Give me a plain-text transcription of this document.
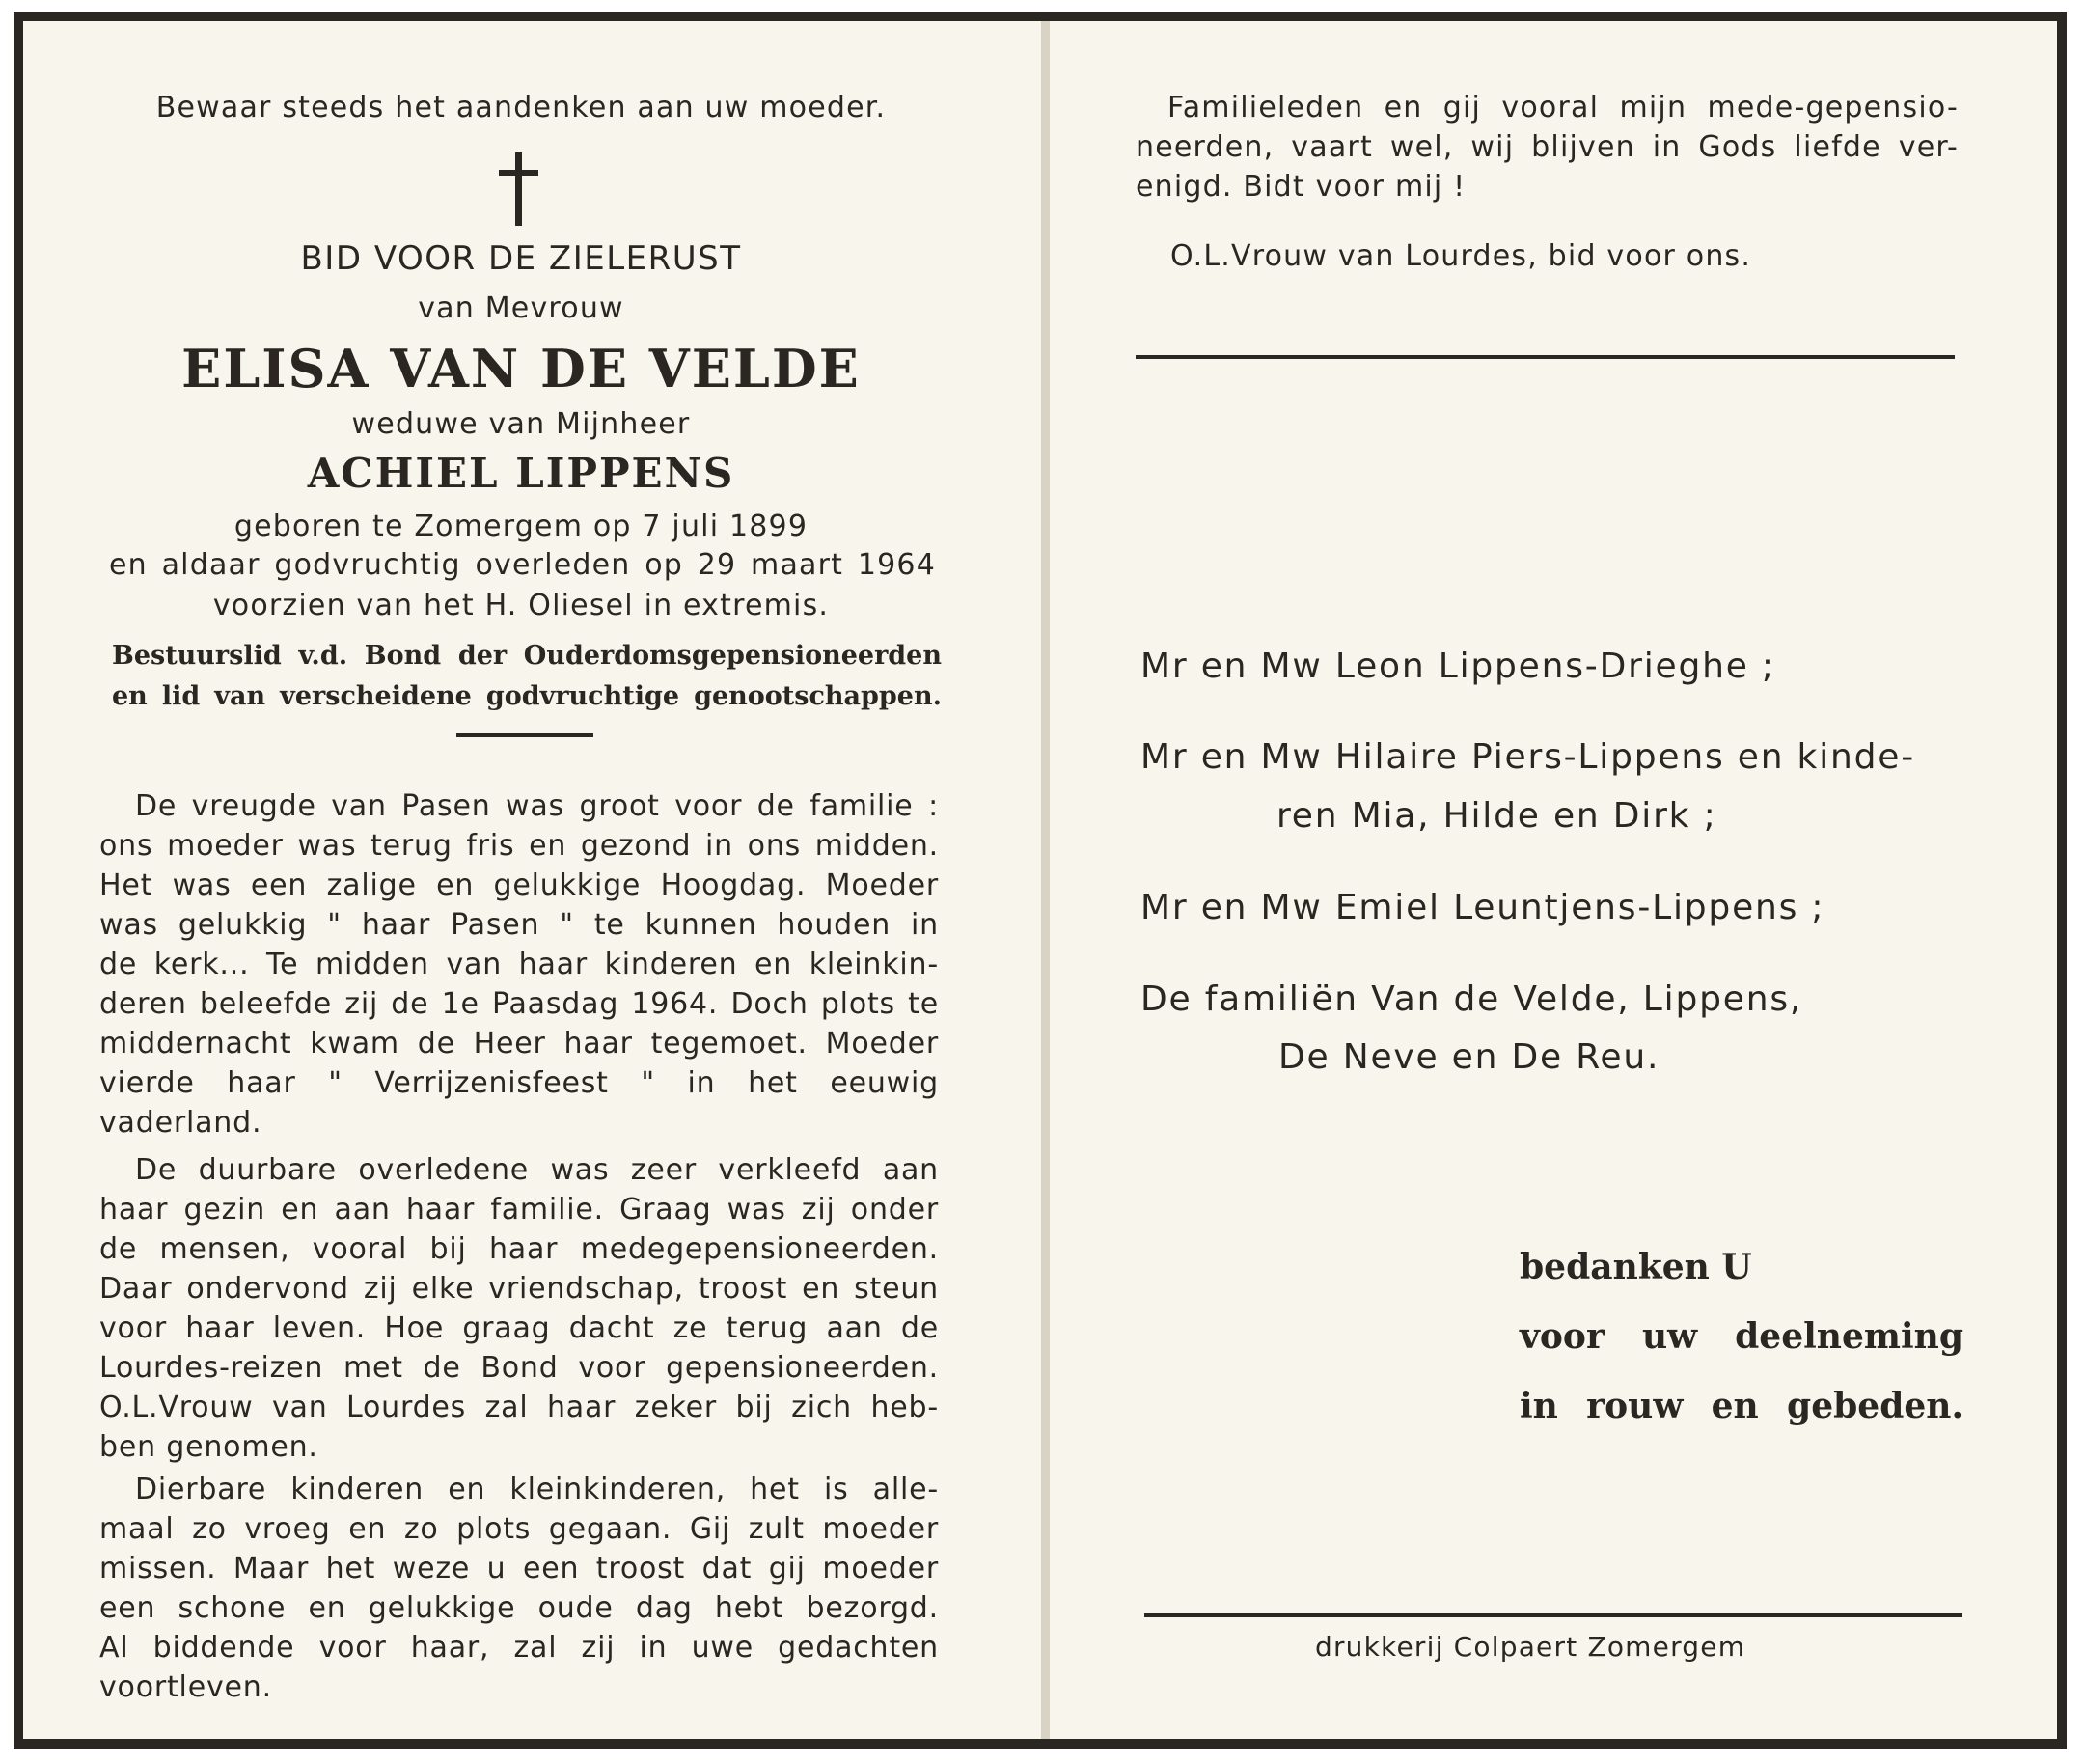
Bewaar steeds het aandenken aan uw moeder.

BID VOOR DE ZIELERUST

van Mevrouw

ELISA VAN DE VELDE

weduwe van Mijnheer

ACHIEL LIPPENS

geboren te Zomergem op 7 juli 1899

en aldaar godvruchtig overleden op 29 maart 1964

voorzien van het H. Oliesel in extremis.

Bestuurslid v.d. Bond der Ouderdomsgepensioneerden

en lid van verscheidene godvruchtige genootschappen.

De vreugde van Pasen was groot voor de familie :

ons moeder was terug fris en gezond in ons midden.

Het was een zalige en gelukkige Hoogdag. Moeder

was gelukkig " haar Pasen " te kunnen houden in

de kerk... Te midden van haar kinderen en kleinkin-

deren beleefde zij de 1e Paasdag 1964. Doch plots te

middernacht kwam de Heer haar tegemoet. Moeder

vierde haar " Verrijzenisfeest " in het eeuwig

vaderland.

De duurbare overledene was zeer verkleefd aan

haar gezin en aan haar familie. Graag was zij onder

de mensen, vooral bij haar medegepensioneerden.

Daar ondervond zij elke vriendschap, troost en steun

voor haar leven. Hoe graag dacht ze terug aan de

Lourdes-reizen met de Bond voor gepensioneerden.

O.L.Vrouw van Lourdes zal haar zeker bij zich heb-

ben genomen.

Dierbare kinderen en kleinkinderen, het is alle-

maal zo vroeg en zo plots gegaan. Gij zult moeder

missen. Maar het weze u een troost dat gij moeder

een schone en gelukkige oude dag hebt bezorgd.

Al biddende voor haar, zal zij in uwe gedachten

voortleven.

Familieleden en gij vooral mijn mede-gepensio-

neerden, vaart wel, wij blijven in Gods liefde ver-

enigd. Bidt voor mij !

O.L.Vrouw van Lourdes, bid voor ons.

Mr en Mw Leon Lippens-Drieghe ;

Mr en Mw Hilaire Piers-Lippens en kinde-

ren Mia, Hilde en Dirk ;

Mr en Mw Emiel Leuntjens-Lippens ;

De familiën Van de Velde, Lippens,

De Neve en De Reu.

bedanken U

voor uw deelneming

in rouw en gebeden.

drukkerij Colpaert Zomergem
